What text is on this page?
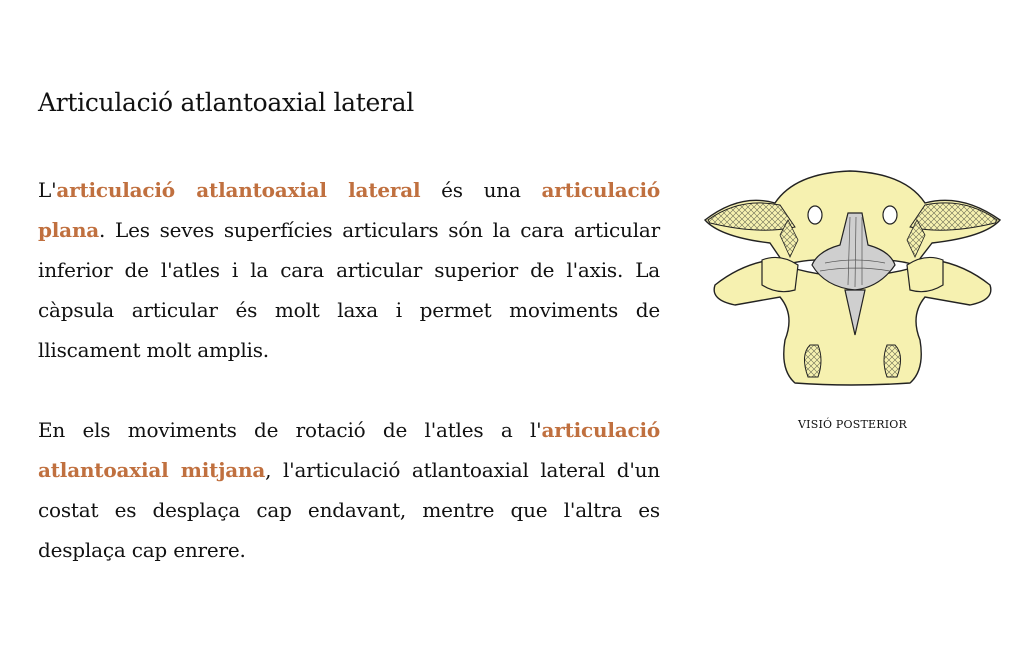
Articulació atlantoaxial lateral

L'articulació atlantoaxial lateral és una articulació plana. Les seves superfícies articulars són la cara articular inferior de l'atles i la cara articular superior de l'axis. La càpsula articular és molt laxa i permet moviments de lliscament molt amplis.

En els moviments de rotació de l'atles a l'articulació atlantoaxial mitjana, l'articulació atlantoaxial lateral d'un costat es desplaça cap endavant, mentre que l'altra es desplaça cap enrere.

VISIÓ POSTERIOR
